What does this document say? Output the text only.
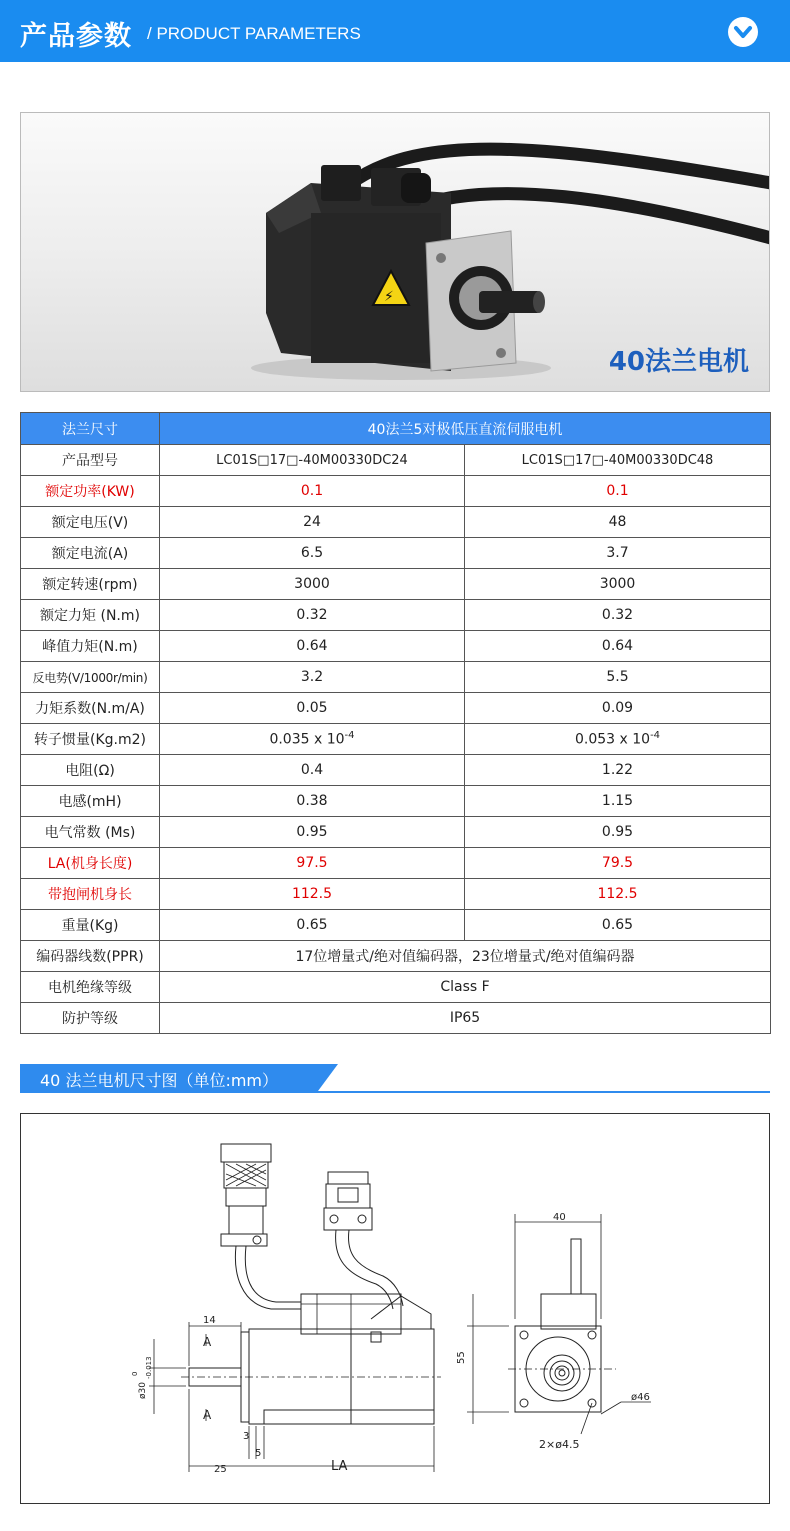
产品参数 / PRODUCT PARAMETERS
⚡
40法兰电机
法兰尺寸	40法兰5对极低压直流伺服电机	
产品型号	LC01S□17□-40M00330DC24	LC01S□17□-40M00330DC48
额定功率(KW)	0.1	0.1
额定电压(V)	24	48
额定电流(A)	6.5	3.7
额定转速(rpm)	3000	3000
额定力矩 (N.m)	0.32	0.32
峰值力矩(N.m)	0.64	0.64
反电势(V/1000r/min)	3.2	5.5
力矩系数(N.m/A)	0.05	0.09
转子惯量(Kg.m2)	0.035 x $10^{-4}$	0.053 x $10^{-4}$
电阻(Ω)	0.4	1.22
电感(mH)	0.38	1.15
电气常数 (Ms)	0.95	0.95
LA(机身长度)	97.5	79.5
带抱闸机身长	112.5	112.5
重量(Kg)	0.65	0.65
编码器线数(PPR)	17位增量式/绝对值编码器，23位增量式/绝对值编码器	
电机绝缘等级	Class F	
防护等级	IP65	
40 法兰电机尺寸图（单位:mm）
14
A
A
ø30
0 -0.013
3
5
25	LA
40
55
ø46
2×ø4.5
